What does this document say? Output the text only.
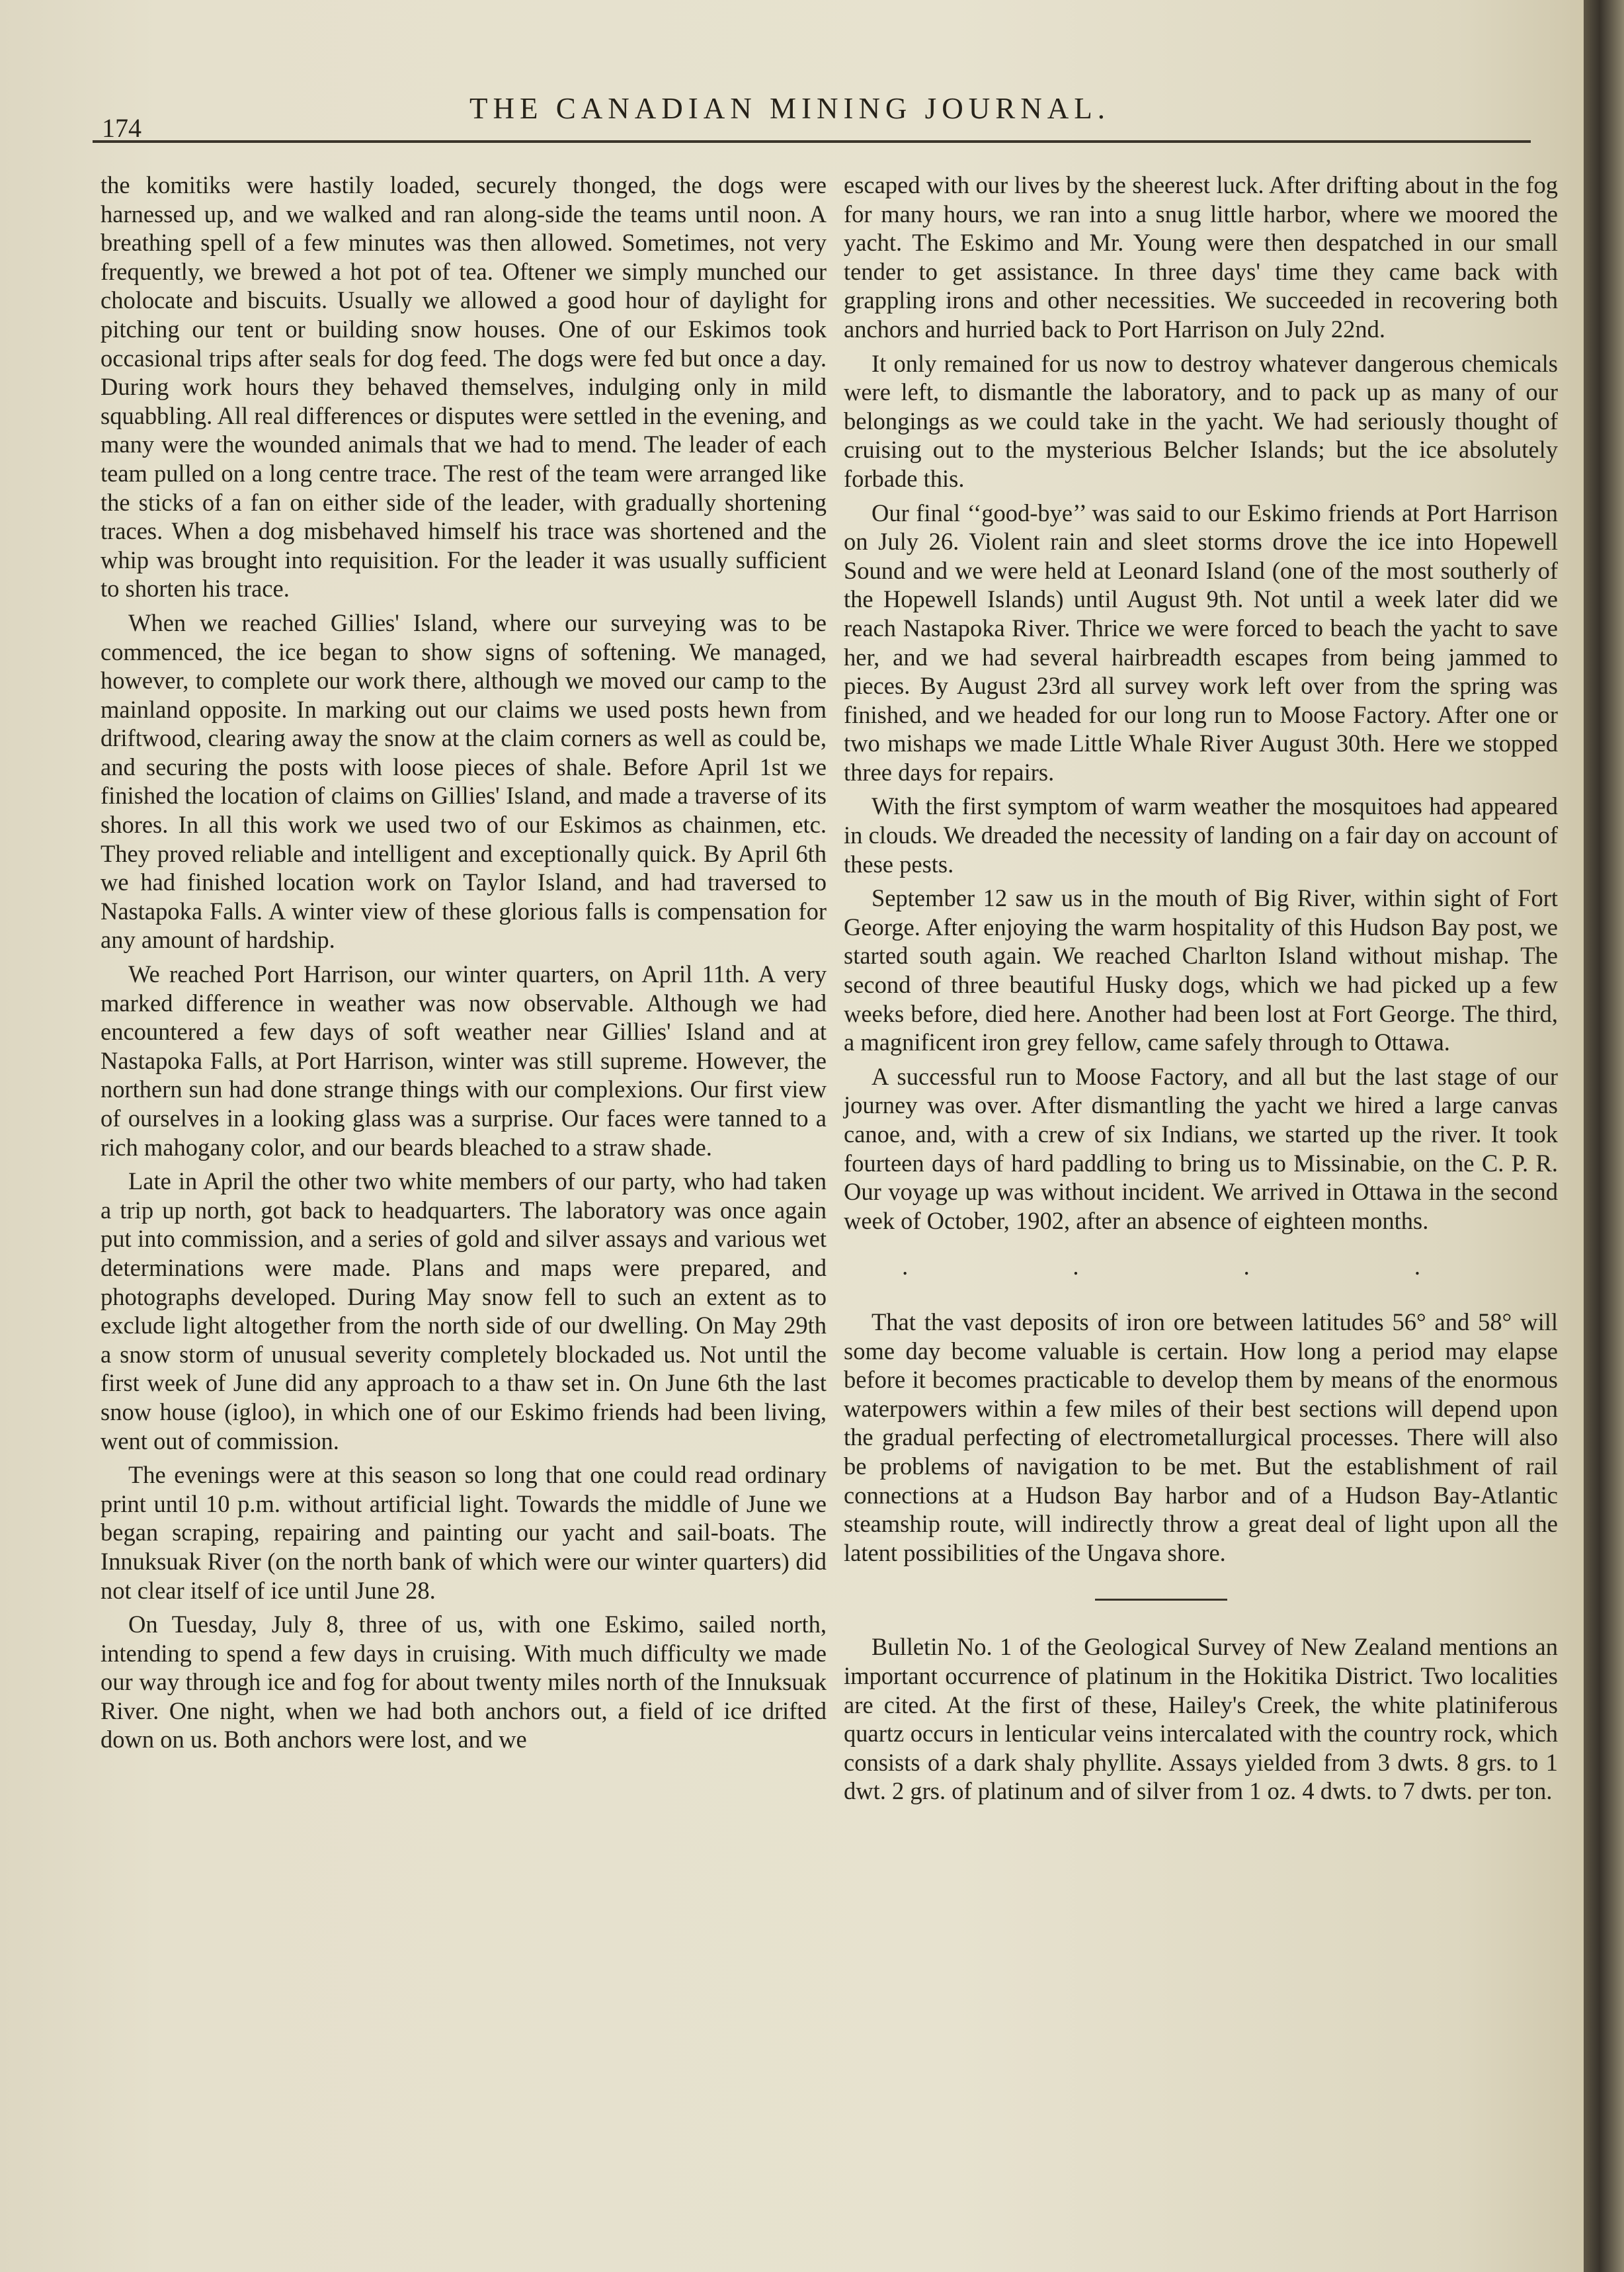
174
THE CANADIAN MINING JOURNAL.

the komitiks were hastily loaded, securely thonged, the dogs were harnessed up, and we walked and ran along-side the teams until noon. A breathing spell of a few minutes was then allowed. Sometimes, not very frequently, we brewed a hot pot of tea. Oftener we simply munched our cholocate and biscuits. Usually we allowed a good hour of daylight for pitching our tent or building snow houses. One of our Eskimos took occasional trips after seals for dog feed. The dogs were fed but once a day. During work hours they behaved themselves, indulging only in mild squabbling. All real differences or disputes were settled in the evening, and many were the wounded animals that we had to mend. The leader of each team pulled on a long centre trace. The rest of the team were arranged like the sticks of a fan on either side of the leader, with gradually shortening traces. When a dog misbehaved himself his trace was shortened and the whip was brought into requisition. For the leader it was usually sufficient to shorten his trace.

When we reached Gillies' Island, where our surveying was to be commenced, the ice began to show signs of softening. We managed, however, to complete our work there, although we moved our camp to the mainland opposite. In marking out our claims we used posts hewn from driftwood, clearing away the snow at the claim corners as well as could be, and securing the posts with loose pieces of shale. Before April 1st we finished the location of claims on Gillies' Island, and made a traverse of its shores. In all this work we used two of our Eskimos as chainmen, etc. They proved reliable and intelligent and exceptionally quick. By April 6th we had finished location work on Taylor Island, and had traversed to Nastapoka Falls. A winter view of these glorious falls is compensation for any amount of hardship.

We reached Port Harrison, our winter quarters, on April 11th. A very marked difference in weather was now observable. Although we had encountered a few days of soft weather near Gillies' Island and at Nastapoka Falls, at Port Harrison, winter was still supreme. However, the northern sun had done strange things with our complexions. Our first view of ourselves in a looking glass was a surprise. Our faces were tanned to a rich mahogany color, and our beards bleached to a straw shade.

Late in April the other two white members of our party, who had taken a trip up north, got back to headquarters. The laboratory was once again put into commission, and a series of gold and silver assays and various wet determinations were made. Plans and maps were prepared, and photographs developed. During May snow fell to such an extent as to exclude light altogether from the north side of our dwelling. On May 29th a snow storm of unusual severity completely blockaded us. Not until the first week of June did any approach to a thaw set in. On June 6th the last snow house (igloo), in which one of our Eskimo friends had been living, went out of commission.

The evenings were at this season so long that one could read ordinary print until 10 p.m. without artificial light. Towards the middle of June we began scraping, repairing and painting our yacht and sail-boats. The Innuksuak River (on the north bank of which were our winter quarters) did not clear itself of ice until June 28.

On Tuesday, July 8, three of us, with one Eskimo, sailed north, intending to spend a few days in cruising. With much difficulty we made our way through ice and fog for about twenty miles north of the Innuksuak River. One night, when we had both anchors out, a field of ice drifted down on us. Both anchors were lost, and we

escaped with our lives by the sheerest luck. After drifting about in the fog for many hours, we ran into a snug little harbor, where we moored the yacht. The Eskimo and Mr. Young were then despatched in our small tender to get assistance. In three days' time they came back with grappling irons and other necessities. We succeeded in recovering both anchors and hurried back to Port Harrison on July 22nd.

It only remained for us now to destroy whatever dangerous chemicals were left, to dismantle the laboratory, and to pack up as many of our belongings as we could take in the yacht. We had seriously thought of cruising out to the mysterious Belcher Islands; but the ice absolutely forbade this.

Our final ‘‘good-bye’’ was said to our Eskimo friends at Port Harrison on July 26. Violent rain and sleet storms drove the ice into Hopewell Sound and we were held at Leonard Island (one of the most southerly of the Hopewell Islands) until August 9th. Not until a week later did we reach Nastapoka River. Thrice we were forced to beach the yacht to save her, and we had several hairbreadth escapes from being jammed to pieces. By August 23rd all survey work left over from the spring was finished, and we headed for our long run to Moose Factory. After one or two mishaps we made Little Whale River August 30th. Here we stopped three days for repairs.

With the first symptom of warm weather the mosquitoes had appeared in clouds. We dreaded the necessity of landing on a fair day on account of these pests.

September 12 saw us in the mouth of Big River, within sight of Fort George. After enjoying the warm hospitality of this Hudson Bay post, we started south again. We reached Charlton Island without mishap. The second of three beautiful Husky dogs, which we had picked up a few weeks before, died here. Another had been lost at Fort George. The third, a magnificent iron grey fellow, came safely through to Ottawa.

A successful run to Moose Factory, and all but the last stage of our journey was over. After dismantling the yacht we hired a large canvas canoe, and, with a crew of six Indians, we started up the river. It took fourteen days of hard paddling to bring us to Missinabie, on the C. P. R. Our voyage up was without incident. We arrived in Ottawa in the second week of October, 1902, after an absence of eighteen months.

. . . .

That the vast deposits of iron ore between latitudes 56° and 58° will some day become valuable is certain. How long a period may elapse before it becomes practicable to develop them by means of the enormous waterpowers within a few miles of their best sections will depend upon the gradual perfecting of electrometallurgical processes. There will also be problems of navigation to be met. But the establishment of rail connections at a Hudson Bay harbor and of a Hudson Bay-Atlantic steamship route, will indirectly throw a great deal of light upon all the latent possibilities of the Ungava shore.

Bulletin No. 1 of the Geological Survey of New Zealand mentions an important occurrence of platinum in the Hokitika District. Two localities are cited. At the first of these, Hailey's Creek, the white platiniferous quartz occurs in lenticular veins intercalated with the country rock, which consists of a dark shaly phyllite. Assays yielded from 3 dwts. 8 grs. to 1 dwt. 2 grs. of platinum and of silver from 1 oz. 4 dwts. to 7 dwts. per ton.
